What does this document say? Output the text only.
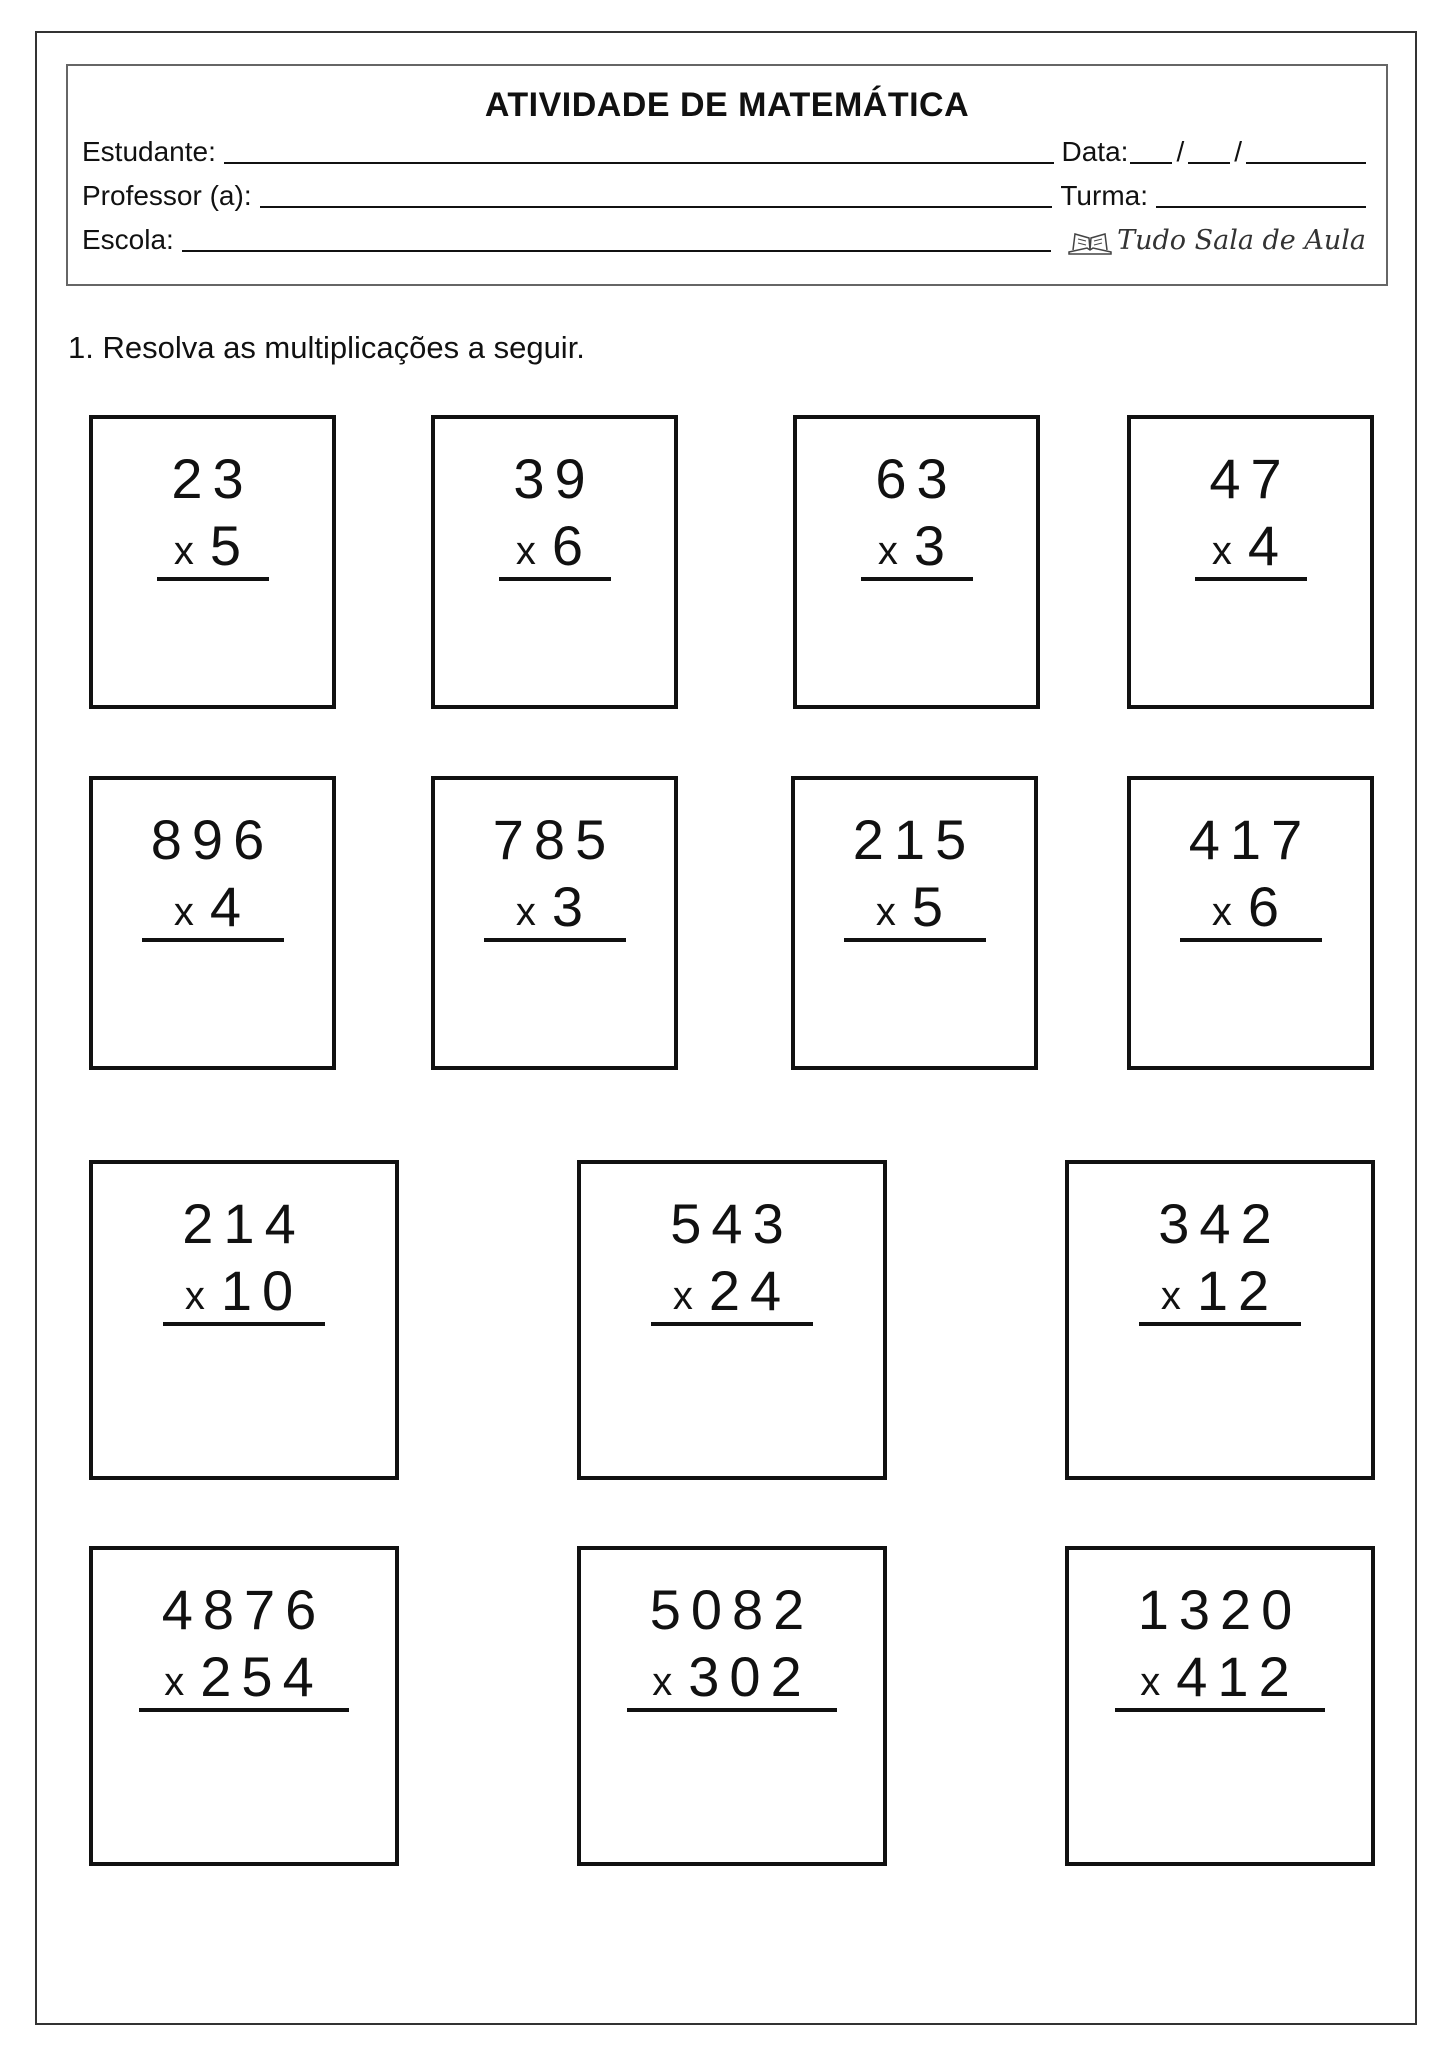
ATIVIDADE DE MATEMÁTICA
Estudante:	Data: / /
Professor (a):	Turma:
Escola:	Tudo Sala de Aula
1. Resolva as multiplicações a seguir.
23
x 5
39
x 6
63
x 3
47
x 4
896
x 4
785
x 3
215
x 5
417
x 6
214
x 10
543
x 24
342
x 12
4876
x 254
5082
x 302
1320
x 412
